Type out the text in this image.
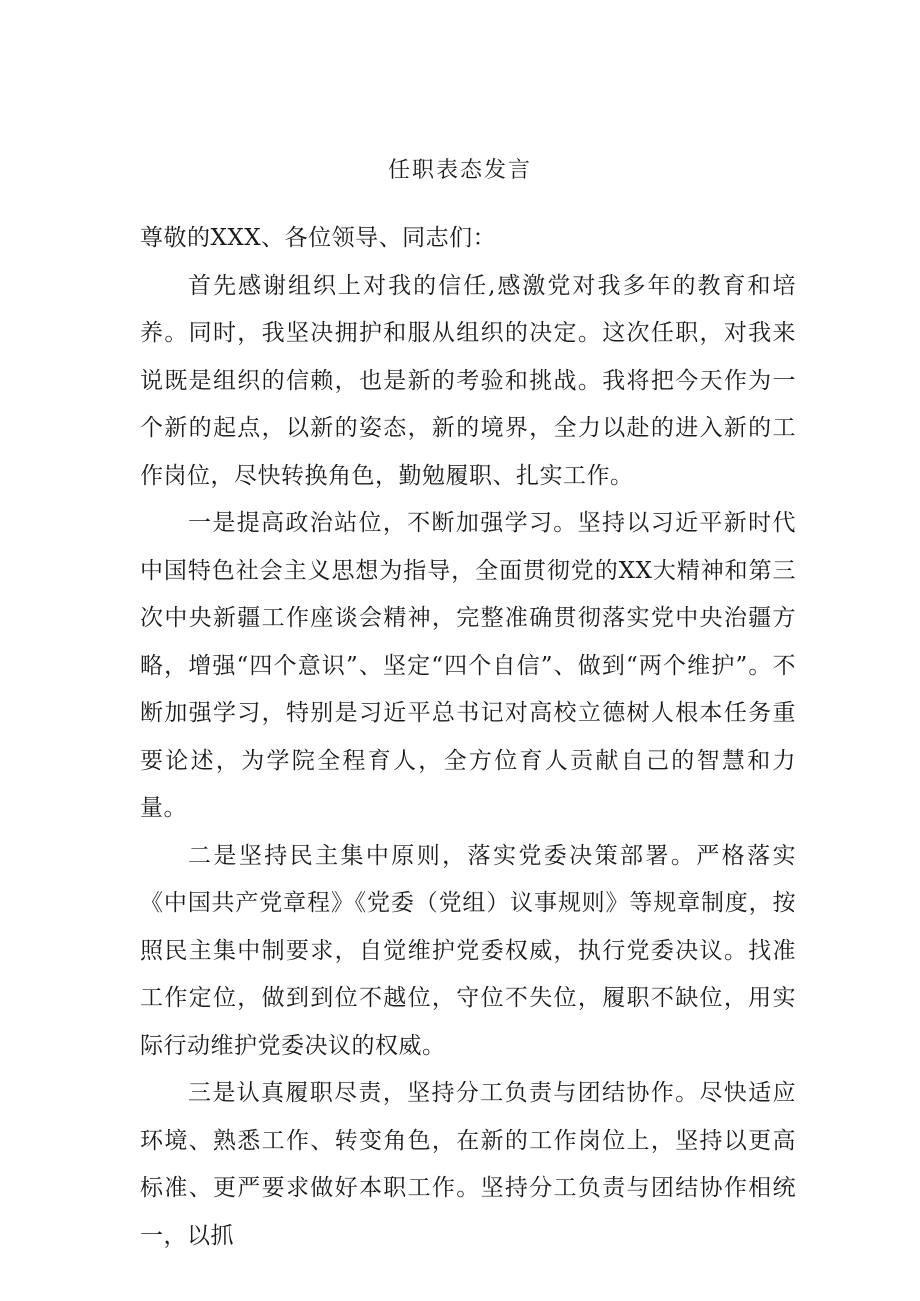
任职表态发言

尊敬的XXX、各位领导、同志们：

首先感谢组织上对我的信任,感激党对我多年的教育和培养。同时，我坚决拥护和服从组织的决定。这次任职，对我来说既是组织的信赖，也是新的考验和挑战。我将把今天作为一个新的起点，以新的姿态，新的境界，全力以赴的进入新的工作岗位，尽快转换角色，勤勉履职、扎实工作。

一是提高政治站位，不断加强学习。坚持以习近平新时代中国特色社会主义思想为指导，全面贯彻党的XX大精神和第三次中央新疆工作座谈会精神，完整准确贯彻落实党中央治疆方略，增强“四个意识”、坚定“四个自信”、做到“两个维护”。不断加强学习，特别是习近平总书记对高校立德树人根本任务重要论述，为学院全程育人，全方位育人贡献自己的智慧和力量。

二是坚持民主集中原则，落实党委决策部署。严格落实《中国共产党章程》《党委（党组）议事规则》等规章制度，按照民主集中制要求，自觉维护党委权威，执行党委决议。找准工作定位，做到到位不越位，守位不失位，履职不缺位，用实际行动维护党委决议的权威。

三是认真履职尽责，坚持分工负责与团结协作。尽快适应环境、熟悉工作、转变角色，在新的工作岗位上，坚持以更高标准、更严要求做好本职工作。坚持分工负责与团结协作相统一，以抓
